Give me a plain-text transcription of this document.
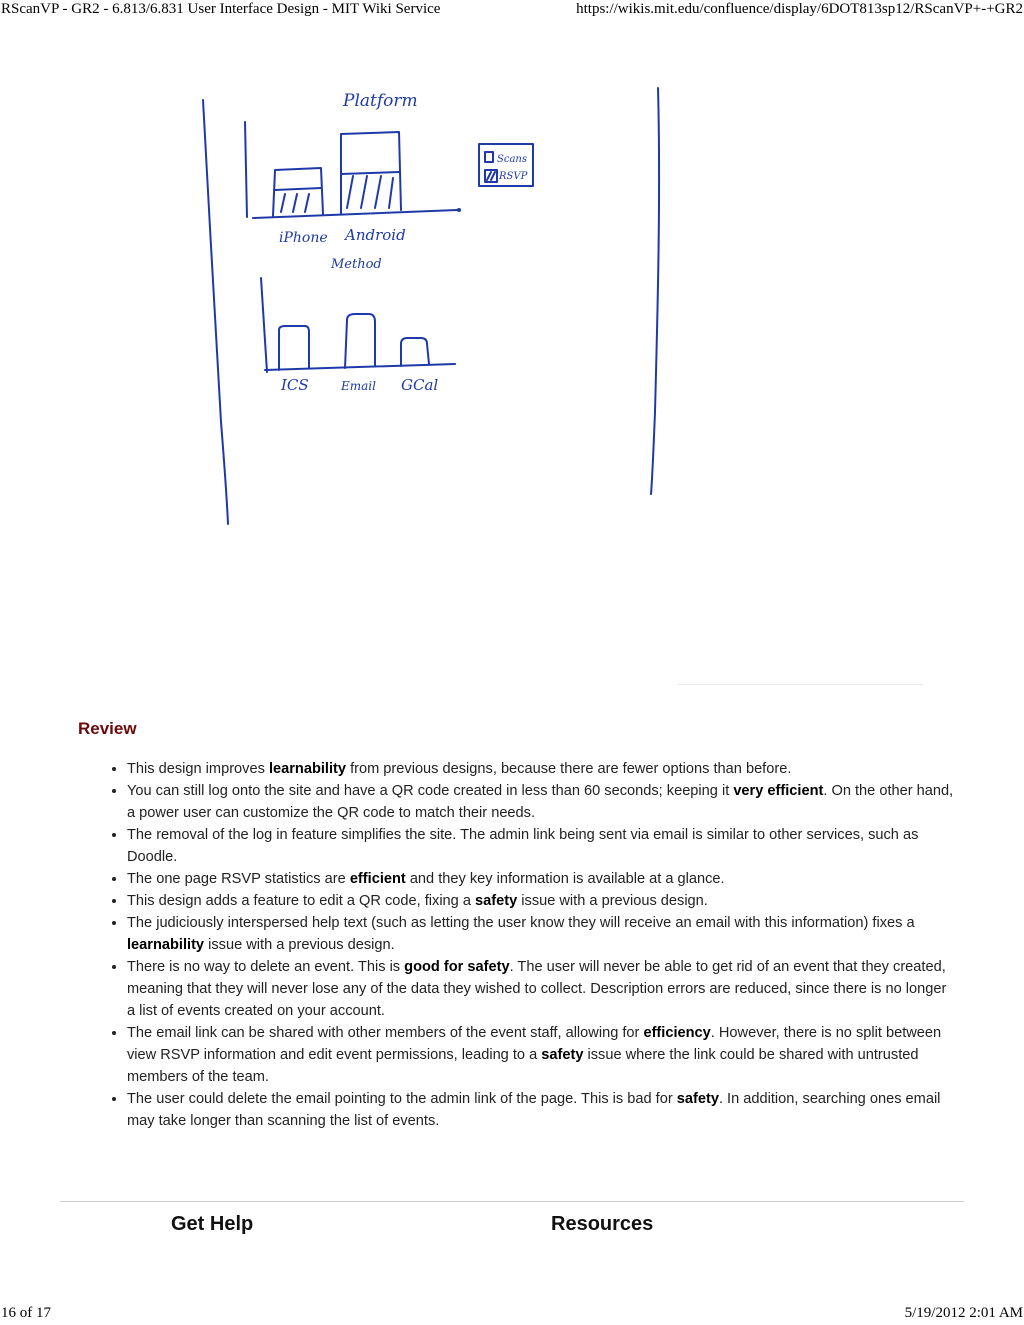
RScanVP - GR2 - 6.813/6.831 User Interface Design - MIT Wiki Service	https://wikis.mit.edu/confluence/display/6DOT813sp12/RScanVP+-+GR2
Platform
iPhone Android
Scans
RSVP
Method
ICS	Email GCal
Review
• This design improves learnability from previous designs, because there are fewer options than before.
• You can still log onto the site and have a QR code created in less than 60 seconds; keeping it very efficient. On the other hand, a power user can customize the QR code to match their needs.
• The removal of the log in feature simplifies the site. The admin link being sent via email is similar to other services, such as Doodle.
• The one page RSVP statistics are efficient and they key information is available at a glance.
• This design adds a feature to edit a QR code, fixing a safety issue with a previous design.
• The judiciously interspersed help text (such as letting the user know they will receive an email with this information) fixes a learnability issue with a previous design.
• There is no way to delete an event. This is good for safety. The user will never be able to get rid of an event that they created, meaning that they will never lose any of the data they wished to collect. Description errors are reduced, since there is no longer a list of events created on your account.
• The email link can be shared with other members of the event staff, allowing for efficiency. However, there is no split between view RSVP information and edit event permissions, leading to a safety issue where the link could be shared with untrusted members of the team.
• The user could delete the email pointing to the admin link of the page. This is bad for safety. In addition, searching ones email may take longer than scanning the list of events.
Get Help	Resources
16 of 17	5/19/2012 2:01 AM
